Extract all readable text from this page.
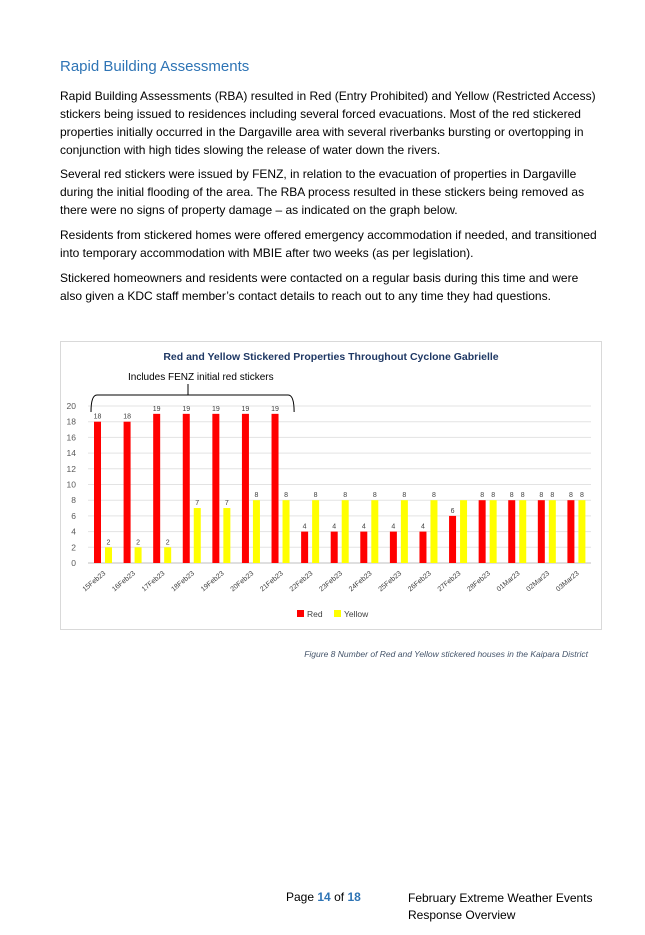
Rapid Building Assessments

Rapid Building Assessments (RBA) resulted in Red (Entry Prohibited) and Yellow (Restricted Access) stickers being issued to residences including several forced evacuations. Most of the red stickered properties initially occurred in the Dargaville area with several riverbanks bursting or overtopping in conjunction with high tides slowing the release of water down the rivers.

Several red stickers were issued by FENZ, in relation to the evacuation of properties in Dargaville during the initial flooding of the area. The RBA process resulted in these stickers being removed as there were no signs of property damage – as indicated on the graph below.

Residents from stickered homes were offered emergency accommodation if needed, and transitioned into temporary accommodation with MBIE after two weeks (as per legislation).

Stickered homeowners and residents were contacted on a regular basis during this time and were also given a KDC staff member’s contact details to reach out to any time they had questions.

Red and Yellow Stickered Properties Throughout Cyclone Gabrielle
Includes FENZ initial red stickers
0
2
4
6
8
10
12
14
16
18
20
18
2
15Feb23
18
2
16Feb23
19
2
17Feb23
19
7
18Feb23
19
7
19Feb23
19
8
20Feb23
19
8
21Feb23
4
8
22Feb23
4
8
23Feb23
4
8
24Feb23
4
8
25Feb23
4
8
26Feb23
6
27Feb23
8 8
28Feb23
8 8
01Mar23
8 8
02Mar23
8 8
03Mar23
Red	Yellow

Figure 8 Number of Red and Yellow stickered houses in the Kaipara District

Page 14 of 18	February Extreme Weather Events Response Overview
